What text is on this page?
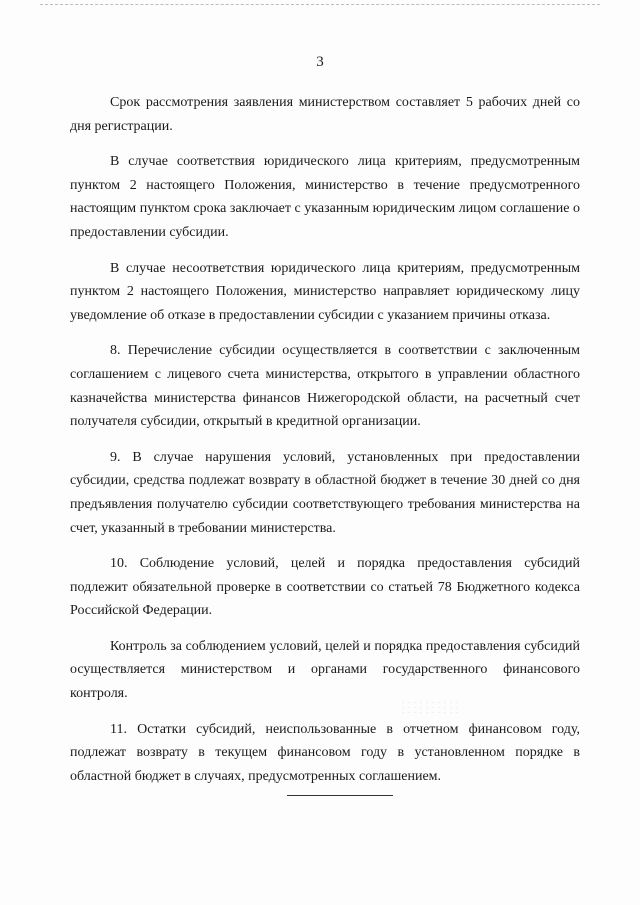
3

Срок рассмотрения заявления министерством составляет 5 рабочих дней со дня регистрации.

В случае соответствия юридического лица критериям, предусмотренным пунктом 2 настоящего Положения, министерство в течение предусмотренного настоящим пунктом срока заключает с указанным юридическим лицом соглашение о предоставлении субсидии.

В случае несоответствия юридического лица критериям, предусмотренным пунктом 2 настоящего Положения, министерство направляет юридическому лицу уведомление об отказе в предоставлении субсидии с указанием причины отказа.

8. Перечисление субсидии осуществляется в соответствии с заключенным соглашением с лицевого счета министерства, открытого в управлении областного казначейства министерства финансов Нижегородской области, на расчетный счет получателя субсидии, открытый в кредитной организации.

9. В случае нарушения условий, установленных при предоставлении субсидии, средства подлежат возврату в областной бюджет в течение 30 дней со дня предъявления получателю субсидии соответствующего требования министерства на счет, указанный в требовании министерства.

10. Соблюдение условий, целей и порядка предоставления субсидий подлежит обязательной проверке в соответствии со статьей 78 Бюджетного кодекса Российской Федерации.

Контроль за соблюдением условий, целей и порядка предоставления субсидий осуществляется министерством и органами государственного финансового контроля.

11. Остатки субсидий, неиспользованные в отчетном финансовом году, подлежат возврату в текущем финансовом году в установленном порядке в областной бюджет в случаях, предусмотренных соглашением.
